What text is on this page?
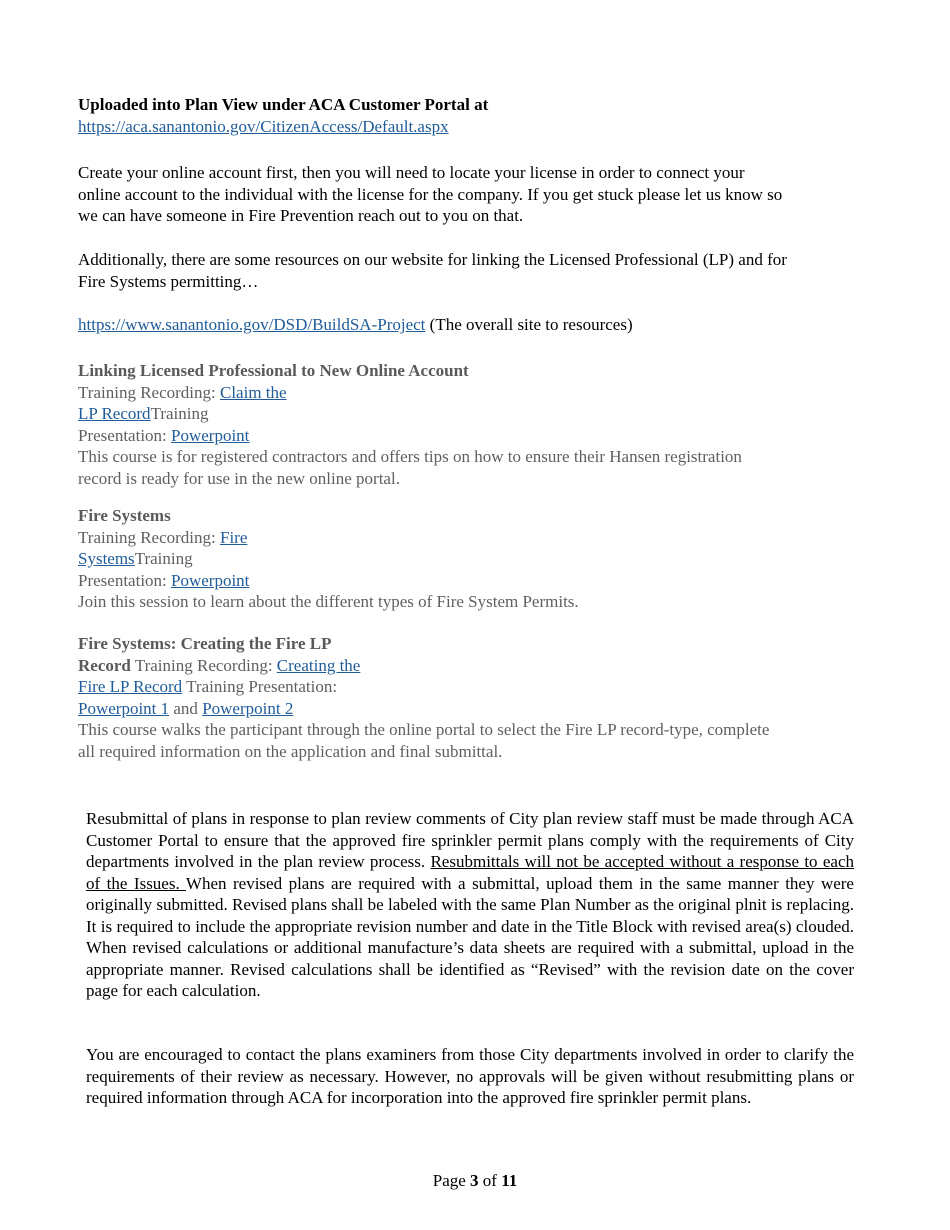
Uploaded into Plan View under ACA Customer Portal at
https://aca.sanantonio.gov/CitizenAccess/Default.aspx
Create your online account first, then you will need to locate your license in order to connect your
online account to the individual with the license for the company. If you get stuck please let us know so
we can have someone in Fire Prevention reach out to you on that.
Additionally, there are some resources on our website for linking the Licensed Professional (LP) and for
Fire Systems permitting…
https://www.sanantonio.gov/DSD/BuildSA-Project (The overall site to resources)
Linking Licensed Professional to New Online Account
Training Recording: Claim the
LP RecordTraining
Presentation: Powerpoint
This course is for registered contractors and offers tips on how to ensure their Hansen registration
record is ready for use in the new online portal.
Fire Systems
Training Recording: Fire
SystemsTraining
Presentation: Powerpoint
Join this session to learn about the different types of Fire System Permits.
Fire Systems: Creating the Fire LP
Record Training Recording: Creating the
Fire LP Record Training Presentation:
Powerpoint 1 and Powerpoint 2
This course walks the participant through the online portal to select the Fire LP record-type, complete
all required information on the application and final submittal.
Resubmittal of plans in response to plan review comments of City plan review staff must be made through ACA Customer Portal to ensure that the approved fire sprinkler permit plans comply with the requirements of City departments involved in the plan review process. Resubmittals will not be accepted without a response to each of the Issues. When revised plans are required with a submittal, upload them in the same manner they were originally submitted. Revised plans shall be labeled with the same Plan Number as the original plnit is replacing. It is required to include the appropriate revision number and date in the Title Block with revised area(s) clouded. When revised calculations or additional manufacture’s data sheets are required with a submittal, upload in the appropriate manner. Revised calculations shall be identified as “Revised” with the revision date on the cover page for each calculation.
You are encouraged to contact the plans examiners from those City departments involved in order to clarify the requirements of their review as necessary. However, no approvals will be given without resubmitting plans or required information through ACA for incorporation into the approved fire sprinkler permit plans.
Page 3 of 11
